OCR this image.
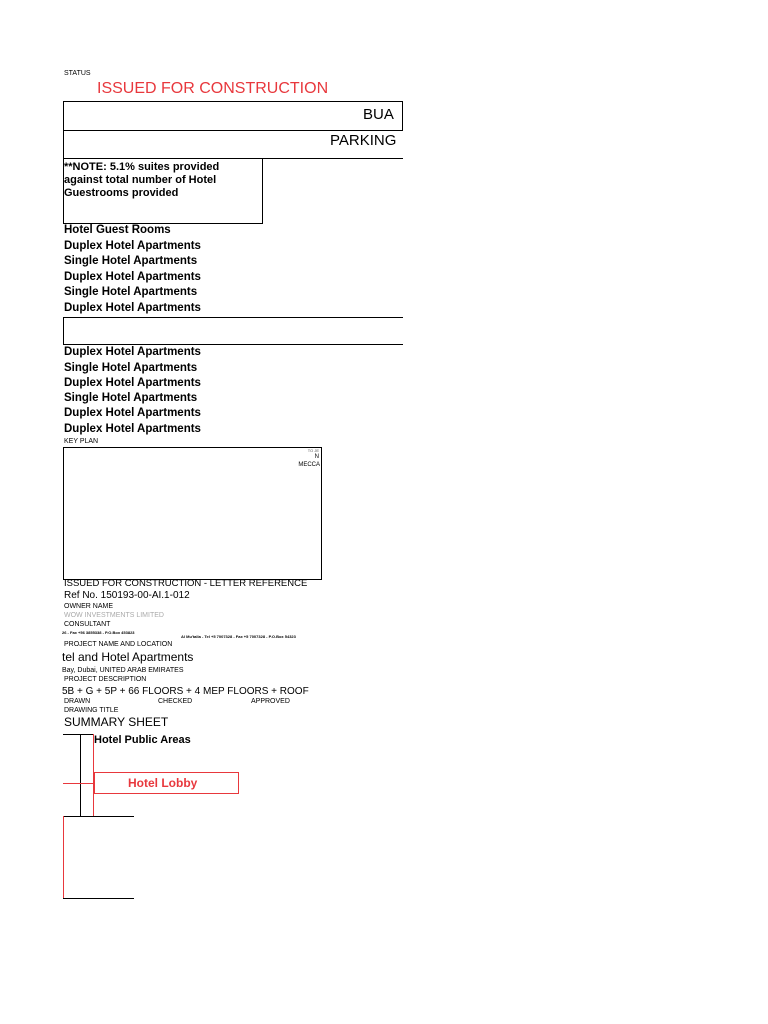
STATUS
ISSUED FOR CONSTRUCTION
BUA
PARKING
**NOTE: 5.1% suites provided
against total number of Hotel
Guestrooms provided
Hotel Guest Rooms
Duplex Hotel Apartments
Single Hotel Apartments
Duplex Hotel Apartments
Single Hotel Apartments
Duplex Hotel Apartments
Duplex Hotel Apartments
Single Hotel Apartments
Duplex Hotel Apartments
Single Hotel Apartments
Duplex Hotel Apartments
Duplex Hotel Apartments
KEY PLAN
TO JE
N
MECCA
ISSUED FOR CONSTRUCTION - LETTER REFERENCE
Ref No. 150193-00-AI.1-012
OWNER NAME
WOW INVESTMENTS LIMITED
CONSULTANT
26 - Fax +56 3855338 - P.O.Box 453823
Al Mu'talla - Tel +5 7007328 - Fax +5 7007328 - P.O.Box 54323
PROJECT NAME AND LOCATION
tel and Hotel Apartments
Bay, Dubai, UNITED ARAB EMIRATES
PROJECT DESCRIPTION
5B + G + 5P + 66 FLOORS + 4 MEP FLOORS + ROOF
DRAWN	CHECKED	APPROVED
DRAWING TITLE
SUMMARY SHEET
Hotel Public Areas
Hotel Lobby
